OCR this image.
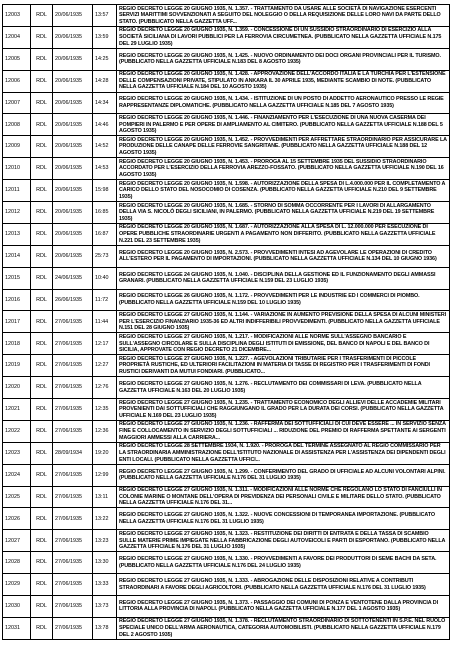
12003	RDL	20/06/1935	13:57	REGIO DECRETO LEGGE 20 GIUGNO 1935, N. 1.357. - TRATTAMENTO DA USARE ALLE SOCIETÀ DI NAVIGAZIONE ESERCENTI SERVIZI MARITTIMI SOVVENZIONATI A SEGUITO DEL NOLEGGIO O DELLA REQUISIZIONE DELLE LORO NAVI DA PARTE DELLO STATO. (PUBBLICATO NELLA GAZZETTA UFF...
12004	RDL	20/06/1935	13:59	REGIO DECRETO LEGGE 20 GIUGNO 1935, N. 1.359. - CONCESSIONE DI UN SUSSIDIO STRAORDINARIO DI ESERCIZIO ALLA SOCIETÀ SICILIANA DI LAVORI PUBBLICI PER LA FERROVIA CIRCUMETNEA. (PUBBLICATO NELLA GAZZETTA UFFICIALE N.175 DEL 29 LUGLIO 1935)
12005	RDL	20/06/1935	14:25	REGIO DECRETO LEGGE 20 GIUGNO 1935, N. 1.425. - NUOVO ORDINAMENTO DEI DOCI ORGANI PROVINCIALI PER IL TURISMO. (PUBBLICATO NELLA GAZZETTA UFFICIALE N.183 DEL 8 AGOSTO 1935)
12006	RDL	20/06/1935	14:28	REGIO DECRETO LEGGE 20 GIUGNO 1935, N. 1.428. - APPROVAZIONE DELL'ACCORDO ITALIA E LA TURCHIA PER L'ESTENSIONE DELLE COMPENSAZIONI PRIVATE, STIPULATO IN ANKARA IL 30 APRILE 1935, MEDIANTE SCAMBIO DI NOTE. (PUBBLICATO NELLA GAZZETTA UFFICIALE N.184 DEL 10 AGOSTO 1935)
12007	RDL	20/06/1935	14:34	REGIO DECRETO LEGGE 20 GIUGNO 1935, N. 1.434. - ISTITUZIONE DI UN POSTO DI ADDETTO AERONAUTICO PRESSO LE REGIE RAPPRESENTANZE DIPLOMATICHE. (PUBBLICATO NELLA GAZZETTA UFFICIALE N.185 DEL 7 AGOSTO 1935)
12008	RDL	20/06/1935	14:46	REGIO DECRETO LEGGE 20 GIUGNO 1935, N. 1.446. - FINANZIAMENTO PER L'ESECUZIONE DI UNA NUOVA CASERMA DEI POMPIERI IN PALERMO E PER OPERE DI AMPLIAMENTO AL CIMITERO. (PUBBLICATO NELLA GAZZETTA UFFICIALE N.188 DEL 5 AGOSTO 1935)
12009	RDL	20/06/1935	14:52	REGIO DECRETO LEGGE 20 GIUGNO 1935, N. 1.452. - PROVVEDIMENTI PER AFFRETTARE STRAORDINARIO PER ASSICURARE LA PRODUZIONE DELLE CANAPE DELLE FERROVIE SANGRITANE. (PUBBLICATO NELLA GAZZETTA UFFICIALE N.188 DEL 12 AGOSTO 1935)
12010	RDL	20/06/1935	14:53	REGIO DECRETO LEGGE 20 GIUGNO 1935, N. 1.453. - PROROGA AL 15 SETTEMBRE 1935 DEL SUSSIDIO STRAORDINARIO ACCORDATO PER L'ESERCIZIO DELLA FERROVIA AREZZO-FOSSATO. (PUBBLICATO NELLA GAZZETTA UFFICIALE N.190 DEL 16 AGOSTO 1935)
12011	RDL	20/06/1935	15:98	REGIO DECRETO LEGGE 20 GIUGNO 1935, N. 1.598. - AUTORIZZAZIONE DELLA SPESA DI L.4.000.000 PER IL COMPLETAMENTO A CARICO DELLO STATO DEL NOSOCOMIO DI COSENZA. (PUBBLICATO NELLA GAZZETTA UFFICIALE N.210 DEL 9 SETTEMBRE 1935)
12012	RDL	20/06/1935	16:85	REGIO DECRETO LEGGE 20 GIUGNO 1935, N. 1.685. - STORNO DI SOMMA OCCORRENTE PER I LAVORI DI ALLARGAMENTO DELLA VIA S. NICOLÒ DEGLI SICILIANI, IN PALERMO. (PUBBLICATO NELLA GAZZETTA UFFICIALE N.219 DEL 19 SETTEMBRE 1935)
12013	RDL	20/06/1935	16:87	REGIO DECRETO LEGGE 20 GIUGNO 1935, N. 1.687. - AUTORIZZAZIONE ALLA SPESA DI L. 12.000.000 PER ESECUZIONE DI OPERE PUBBLICHE STRAORDINARIE URGENTI A PAGAMENTO NON DIFFERITO. (PUBBLICATO NELLA GAZZETTA UFFICIALE N.221 DEL 23 SETTEMBRE 1935)
12014	RDL	20/06/1935	25:73	REGIO DECRETO LEGGE 20 GIUGNO 1935, N. 2.573. - PROVVEDIMENTI INTESI AD AGEVOLARE LE OPERAZIONI DI CREDITO ALL'ESTERO PER IL PAGAMENTO DI IMPORTAZIONI. (PUBBLICATO NELLA GAZZETTA UFFICIALE N.134 DEL 10 GIUGNO 1936)
12015	RDL	24/06/1935	10:40	REGIO DECRETO LEGGE 24 GIUGNO 1935, N. 1.040. - DISCIPLINA DELLA GESTIONE ED IL FUNZIONAMENTO DEGLI AMMASSI GRANARI. (PUBBLICATO NELLA GAZZETTA UFFICIALE N.159 DEL 23 LUGLIO 1935)
12016	RDL	26/06/1935	11:72	REGIO DECRETO LEGGE 26 GIUGNO 1935, N. 1.172. - PROVVEDIMENTI PER LE INDUSTRIE ED I COMMERCI DI PIOMBO. (PUBBLICATO NELLA GAZZETTA UFFICIALE N.159 DEL 10 LUGLIO 1935)
12017	RDL	27/06/1935	11:44	REGIO DECRETO LEGGE 27 GIUGNO 1935, N. 1.144. - VARIAZIONE IN AUMENTO PREVISIONE DELLA SPESA DI ALCUNI MINISTERI PER L'ESERCIZIO FINANZIARIO 1935-36 ED ALTRI INDIFFERIBILI PROVVEDIMENTI. (PUBBLICATO NELLA GAZZETTA UFFICIALE N.151 DEL 28 GIUGNO 1935)
12018	RDL	27/06/1935	12:17	REGIO DECRETO LEGGE 27 GIUGNO 1935, N. 1.217. - MODIFICAZIONI ALLE NORME SULL'ASSEGNO BANCARIO E SULL'ASSEGNO CIRCOLARE E SULLA DISCIPLINA DEGLI ISTITUTI DI EMISSIONE, DEL BANCO DI NAPOLI E DEL BANCO DI SICILIA, APPROVATE CON REGIO DECRETO 21 DICEMBRE...
12019	RDL	27/06/1935	12:27	REGIO DECRETO LEGGE 27 GIUGNO 1935, N. 1.227. - AGEVOLAZIONI TRIBUTARIE PER I TRASFERIMENTI DI PICCOLE PROPRIETÀ RUSTICHE, ED ULTERIORI FACILITAZIONI IN MATERIA DI TASSE DI REGISTRO PER I TRASFERIMENTI DI FONDI RUSTICI DERIVANTI DA MUTUI FONDIARI. (PUBBLICATO...
12020	RDL	27/06/1935	12:76	REGIO DECRETO LEGGE 27 GIUGNO 1935, N. 1.276. - RECLUTAMENTO DEI COMMISSARI DI LEVA. (PUBBLICATO NELLA GAZZETTA UFFICIALE N.163 DEL 20 LUGLIO 1935)
12021	RDL	27/06/1935	12:35	REGIO DECRETO LEGGE 27 GIUGNO 1935, N. 1.235. - TRATTAMENTO ECONOMICO DEGLI ALLIEVI DELLE ACCADEMIE MILITARI PROVENIENTI DAI SOTTUFFICIALI CHE RAGGIUNGANO IL GRADO PER LA DURATA DEI CORSI. (PUBBLICATO NELLA GAZZETTA UFFICIALE N.169 DEL 23 LUGLIO 1935)
12022	RDL	27/06/1935	12:36	REGIO DECRETO LEGGE 27 GIUGNO 1935, N. 1.236. - RAFFERMA DEI SOTTUFFICIALI DI CUI DEVE ESSERE ... IN SERVIZIO SENZA FINE E COLLOCAMENTO IN SERVIZIO DEGLI SOTTUFFICIALI ... RIDUZIONE DEL PREMIO DI RAFFERMA SPETTANTE AI SERGENTI MAGGIORI AMMESSI ALLA CARRIERA...
12023	RDL	28/09/1934	19:20	REGIO DECRETO LEGGE 28 SETTEMBRE 1934, N. 1.920. - PROROGA DEL TERMINE ASSEGNATO AL REGIO COMMISSARIO PER LA STRAORDINARIA AMMINISTRAZIONE DELL'ISTITUTO NAZIONALE DI ASSISTENZA PER L'ASSISTENZA DEI DIPENDENTI DEGLI ENTI LOCALI. (PUBBLICATO NELLA GAZZETTA UFFICI...
12024	RDL	27/06/1935	12:99	REGIO DECRETO LEGGE 27 GIUGNO 1935, N. 1.299. - CONFERIMENTO DEL GRADO DI UFFICIALE AD ALCUNI VOLONTARI ALPINI. (PUBBLICATO NELLA GAZZETTA UFFICIALE N.176 DEL 31 LUGLIO 1935)
12025	RDL	27/06/1935	13:11	REGIO DECRETO LEGGE 27 GIUGNO 1935, N. 1.311. - MODIFICAZIONI ALLE NORME CHE REGOLANO LO STATO DI FANCIULLI IN COLONIE MARINE O MONTANE DELL'OPERA DI PREVIDENZA DEI PERSONALI CIVILE E MILITARE DELLO STATO. (PUBBLICATO NELLA GAZZETTA UFFICIALE N.176 DEL 31...
12026	RDL	27/06/1935	13:22	REGIO DECRETO LEGGE 27 GIUGNO 1935, N. 1.322. - NUOVE CONCESSIONI DI TEMPORANEA IMPORTAZIONE. (PUBBLICATO NELLA GAZZETTA UFFICIALE N.176 DEL 31 LUGLIO 1935)
12027	RDL	27/06/1935	13:23	REGIO DECRETO LEGGE 27 GIUGNO 1935, N. 1.323. - RESTITUZIONE DEI DIRITTI DI ENTRATA E DELLA TASSA DI SCAMBIO SULLE MATERIE PRIME IMPIEGATE NELLA FABBRICAZIONE DEGLI AUTOVEICOLI E PARTI DI ESPORTANO. (PUBBLICATO NELLA GAZZETTA UFFICIALE N.176 DEL 31 LUGLIO 1935)
12028	RDL	27/06/1935	13:30	REGIO DECRETO LEGGE 27 GIUGNO 1935, N. 1.330. - PROVVEDIMENTI A FAVORE DEI PRODUTTORI DI SEME BACHI DA SETA. (PUBBLICATO NELLA GAZZETTA UFFICIALE N.176 DEL 24 LUGLIO 1935)
12029	RDL	27/06/1935	13:33	REGIO DECRETO LEGGE 27 GIUGNO 1935, N. 1.333. - ABROGAZIONE DELLE DISPOSIZIONI RELATIVE A CONTRIBUTI STRAORDINARI A FAVORE DEGLI AGRICOLTORI. (PUBBLICATO NELLA GAZZETTA UFFICIALE N.176 DEL 31 LUGLIO 1935)
12030	RDL	27/06/1935	13:73	REGIO DECRETO LEGGE 27 GIUGNO 1935, N. 1.373. - PASSAGGIO DEI COMUNI DI PONZA E VENTOTENE DALLA PROVINCIA DI LITTORIA ALLA PROVINCIA DI NAPOLI. (PUBBLICATO NELLA GAZZETTA UFFICIALE N.177 DEL 1 AGOSTO 1935)
12031	RDL	27/06/1935	13:78	REGIO DECRETO LEGGE 27 GIUGNO 1935, N. 1.378. - RECLUTAMENTO STRAORDINARIO DI SOTTOTENENTI IN S.P.E. NEL RUOLO SPECIALE UNICO DELL'ARMA AERONAUTICA, CATEGORIA AUTOMOBILISTI. (PUBBLICATO NELLA GAZZETTA UFFICIALE N.179 DEL 2 AGOSTO 1935)
